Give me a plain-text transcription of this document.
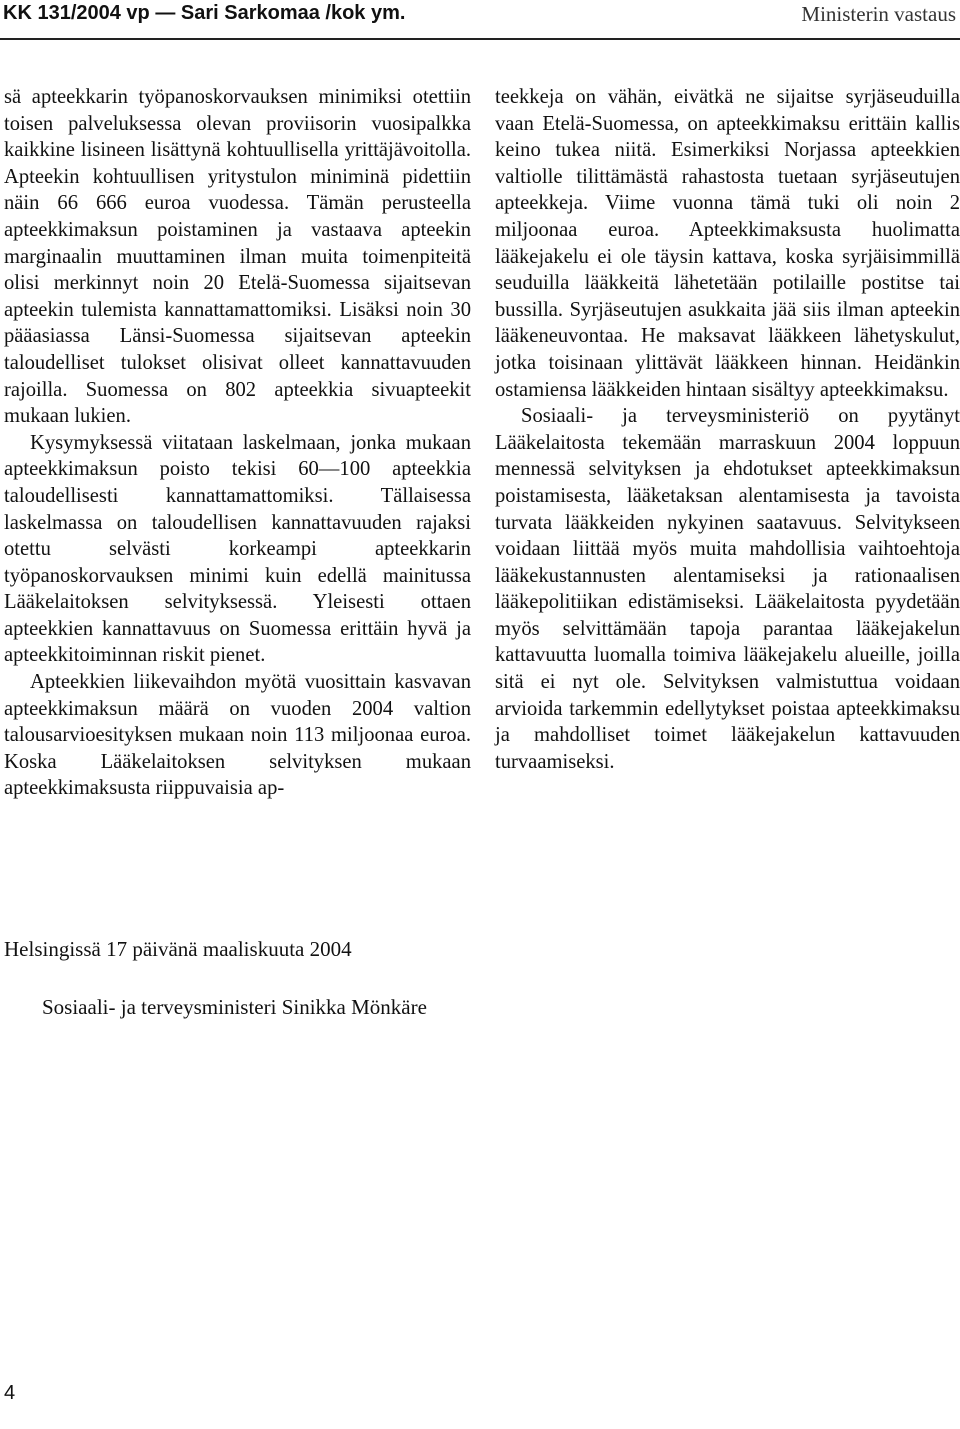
KK 131/2004 vp — Sari Sarkomaa /kok ym.	Ministerin vastaus

sä apteekkarin työpanoskorvauksen minimiksi otettiin toisen palveluksessa olevan proviisorin vuosipalkka kaikkine lisineen lisättynä kohtuullisella yrittäjävoitolla. Apteekin kohtuullisen yritystulon miniminä pidettiin näin 66 666 euroa vuodessa. Tämän perusteella apteekkimaksun poistaminen ja vastaava apteekin marginaalin muuttaminen ilman muita toimenpiteitä olisi merkinnyt noin 20 Etelä-Suomessa sijaitsevan apteekin tulemista kannattamattomiksi. Lisäksi noin 30 pääasiassa Länsi-Suomessa sijaitsevan apteekin taloudelliset tulokset olisivat olleet kannattavuuden rajoilla. Suomessa on 802 apteekkia sivuapteekit mukaan lukien.

Kysymyksessä viitataan laskelmaan, jonka mukaan apteekkimaksun poisto tekisi 60—100 apteekkia taloudellisesti kannattamattomiksi. Tällaisessa laskelmassa on taloudellisen kannattavuuden rajaksi otettu selvästi korkeampi apteekkarin työpanoskorvauksen minimi kuin edellä mainitussa Lääkelaitoksen selvityksessä. Yleisesti ottaen apteekkien kannattavuus on Suomessa erittäin hyvä ja apteekkitoiminnan riskit pienet.

Apteekkien liikevaihdon myötä vuosittain kasvavan apteekkimaksun määrä on vuoden 2004 valtion talousarvioesityksen mukaan noin 113 miljoonaa euroa. Koska Lääkelaitoksen selvityksen mukaan apteekkimaksusta riippuvaisia ap-

teekkeja on vähän, eivätkä ne sijaitse syrjäseuduilla vaan Etelä-Suomessa, on apteekkimaksu erittäin kallis keino tukea niitä. Esimerkiksi Norjassa apteekkien valtiolle tilittämästä rahastosta tuetaan syrjäseutujen apteekkeja. Viime vuonna tämä tuki oli noin 2 miljoonaa euroa. Apteekkimaksusta huolimatta lääkejakelu ei ole täysin kattava, koska syrjäisimmillä seuduilla lääkkeitä lähetetään potilaille postitse tai bussilla. Syrjäseutujen asukkaita jää siis ilman apteekin lääkeneuvontaa. He maksavat lääkkeen lähetyskulut, jotka toisinaan ylittävät lääkkeen hinnan. Heidänkin ostamiensa lääkkeiden hintaan sisältyy apteekkimaksu.

Sosiaali- ja terveysministeriö on pyytänyt Lääkelaitosta tekemään marraskuun 2004 loppuun mennessä selvityksen ja ehdotukset apteekkimaksun poistamisesta, lääketaksan alentamisesta ja tavoista turvata lääkkeiden nykyinen saatavuus. Selvitykseen voidaan liittää myös muita mahdollisia vaihtoehtoja lääkekustannusten alentamiseksi ja rationaalisen lääkepolitiikan edistämiseksi. Lääkelaitosta pyydetään myös selvittämään tapoja parantaa lääkejakelun kattavuutta luomalla toimiva lääkejakelu alueille, joilla sitä ei nyt ole. Selvityksen valmistuttua voidaan arvioida tarkemmin edellytykset poistaa apteekkimaksu ja mahdolliset toimet lääkejakelun kattavuuden turvaamiseksi.

Helsingissä 17 päivänä maaliskuuta 2004
Sosiaali- ja terveysministeri Sinikka Mönkäre
4
